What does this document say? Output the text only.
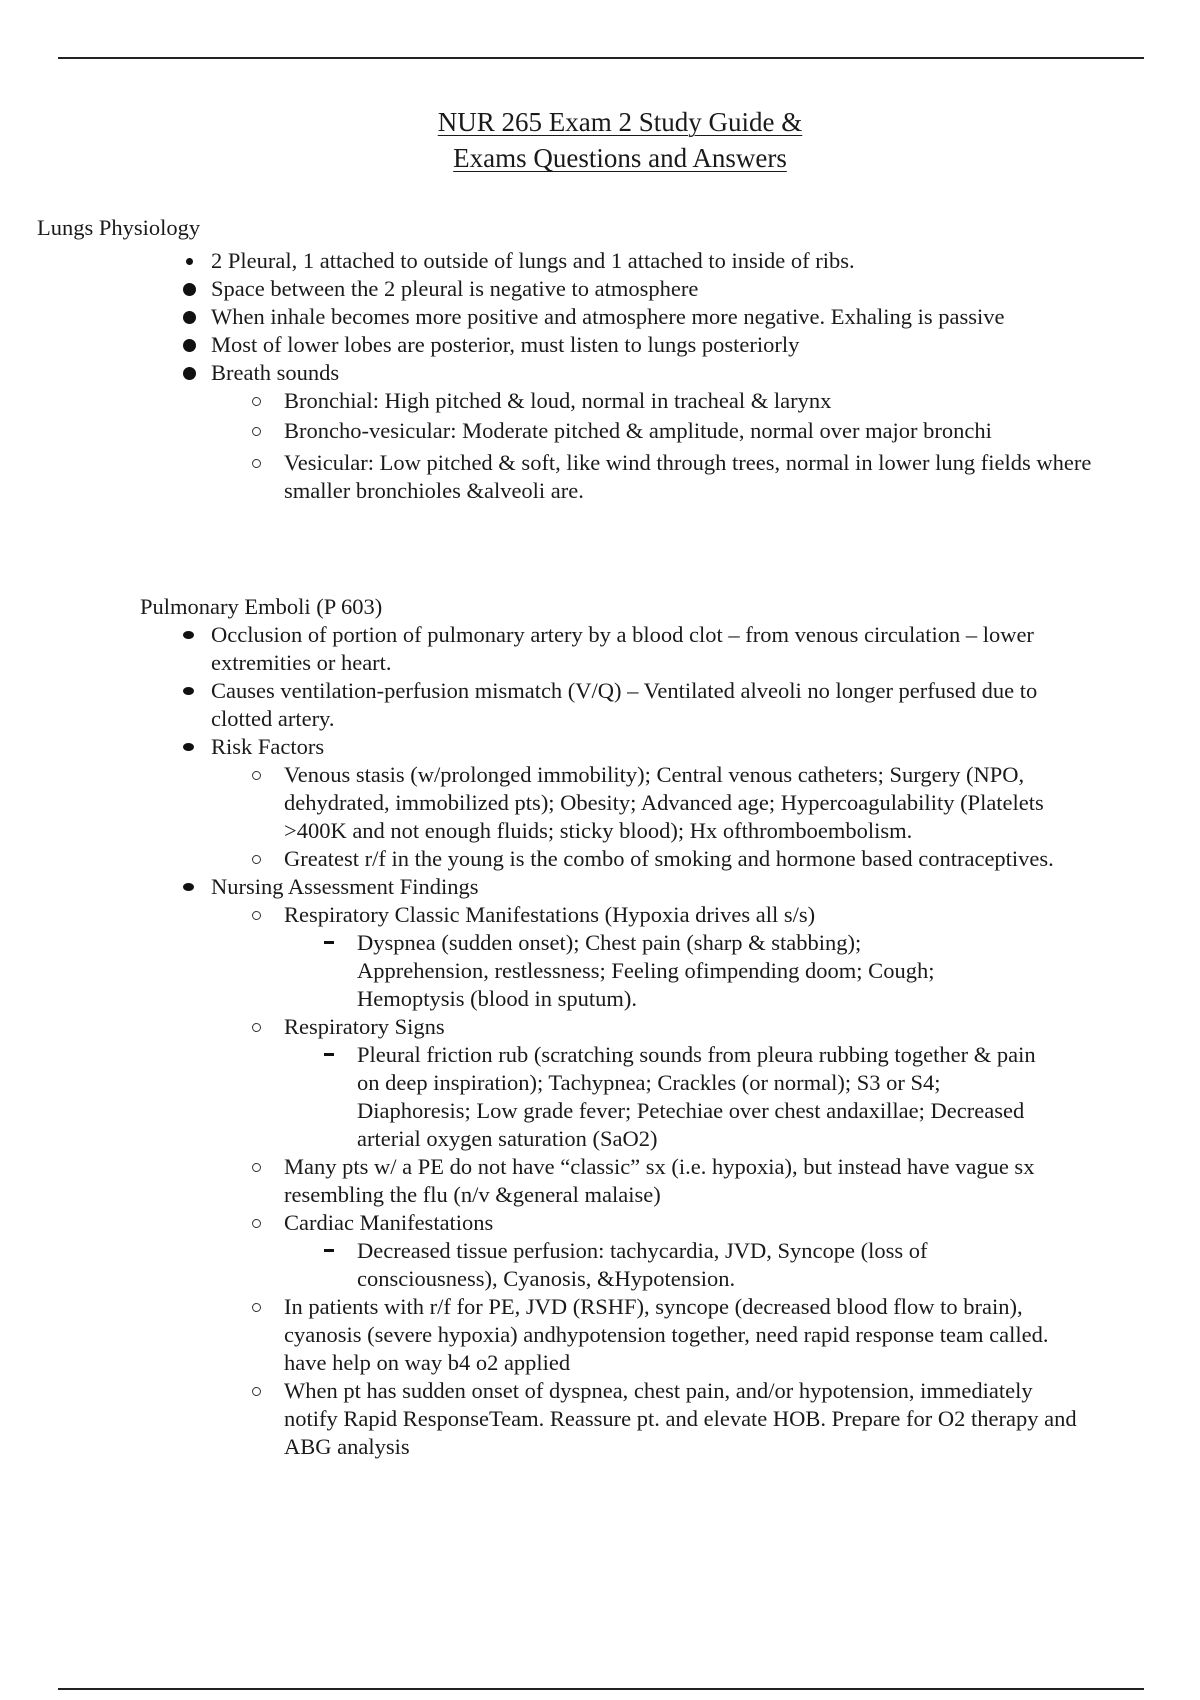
NUR 265 Exam 2 Study Guide &
Exams Questions and Answers
Lungs Physiology
2 Pleural, 1 attached to outside of lungs and 1 attached to inside of ribs.
Space between the 2 pleural is negative to atmosphere
When inhale becomes more positive and atmosphere more negative. Exhaling is passive
Most of lower lobes are posterior, must listen to lungs posteriorly
Breath sounds
Bronchial: High pitched & loud, normal in tracheal & larynx
Broncho-vesicular: Moderate pitched & amplitude, normal over major bronchi
Vesicular: Low pitched & soft, like wind through trees, normal in lower lung fields where smaller bronchioles &alveoli are.
Pulmonary Emboli (P 603)
Occlusion of portion of pulmonary artery by a blood clot – from venous circulation – lower extremities or heart.
Causes ventilation-perfusion mismatch (V/Q) – Ventilated alveoli no longer perfused due to clotted artery.
Risk Factors
Venous stasis (w/prolonged immobility); Central venous catheters; Surgery (NPO, dehydrated, immobilized pts); Obesity; Advanced age; Hypercoagulability (Platelets >400K and not enough fluids; sticky blood); Hx ofthromboembolism.
Greatest r/f in the young is the combo of smoking and hormone based contraceptives.
Nursing Assessment Findings
Respiratory Classic Manifestations (Hypoxia drives all s/s)
Dyspnea (sudden onset); Chest pain (sharp & stabbing); Apprehension, restlessness; Feeling ofimpending doom; Cough; Hemoptysis (blood in sputum).
Respiratory Signs
Pleural friction rub (scratching sounds from pleura rubbing together & pain on deep inspiration); Tachypnea; Crackles (or normal); S3 or S4; Diaphoresis; Low grade fever; Petechiae over chest andaxillae; Decreased arterial oxygen saturation (SaO2)
Many pts w/ a PE do not have “classic” sx (i.e. hypoxia), but instead have vague sx resembling the flu (n/v &general malaise)
Cardiac Manifestations
Decreased tissue perfusion: tachycardia, JVD, Syncope (loss of consciousness), Cyanosis, &Hypotension.
In patients with r/f for PE, JVD (RSHF), syncope (decreased blood flow to brain), cyanosis (severe hypoxia) andhypotension together, need rapid response team called. have help on way b4 o2 applied
When pt has sudden onset of dyspnea, chest pain, and/or hypotension, immediately notify Rapid ResponseTeam. Reassure pt. and elevate HOB. Prepare for O2 therapy and ABG analysis
